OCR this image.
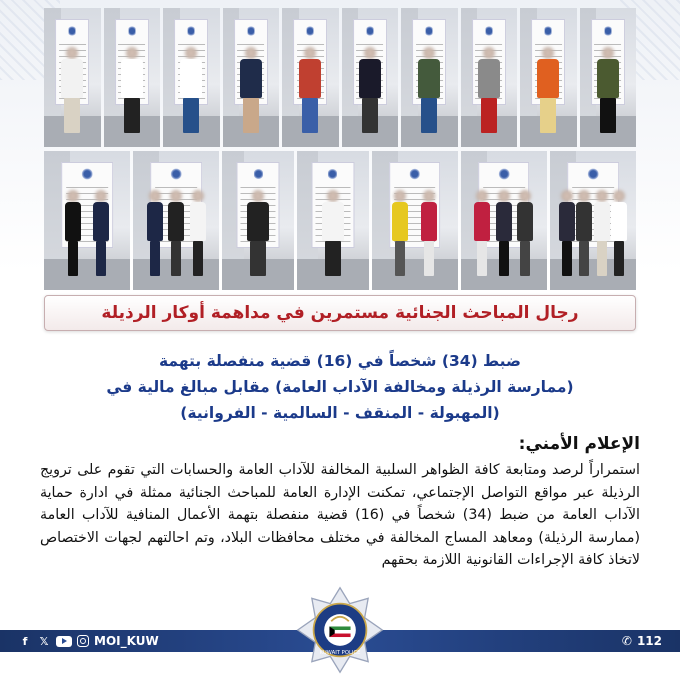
رجال المباحث الجنائية مستمرين في مداهمة أوكار الرذيلة
ضبط (34) شخصاً في (16) قضية منفصلة بتهمة
(ممارسة الرذيلة ومخالفة الآداب العامة) مقابل مبالغ مالية في
(المهبولة - المنقف - السالمية - الفروانية)
الإعلام الأمني:
استمراراً لرصد ومتابعة كافة الظواهر السلبية المخالفة للآداب العامة والحسابات التي تقوم على ترويج الرذيلة عبر مواقع التواصل الإجتماعي، تمكنت الإدارة العامة للمباحث الجنائية ممثلة في ادارة حماية الآداب العامة من ضبط (34) شخصاً في (16) قضية منفصلة بتهمة الأعمال المنافية للآداب العامة (ممارسة الرذيلة) ومعاهد المساج المخالفة في مختلف محافظات البلاد، وتم احالتهم لجهات الاختصاص لاتخاذ كافة الإجراءات القانونية اللازمة بحقهم
f	𝕏	MOI_KUW	✆ 112
KUWAIT POLICE
